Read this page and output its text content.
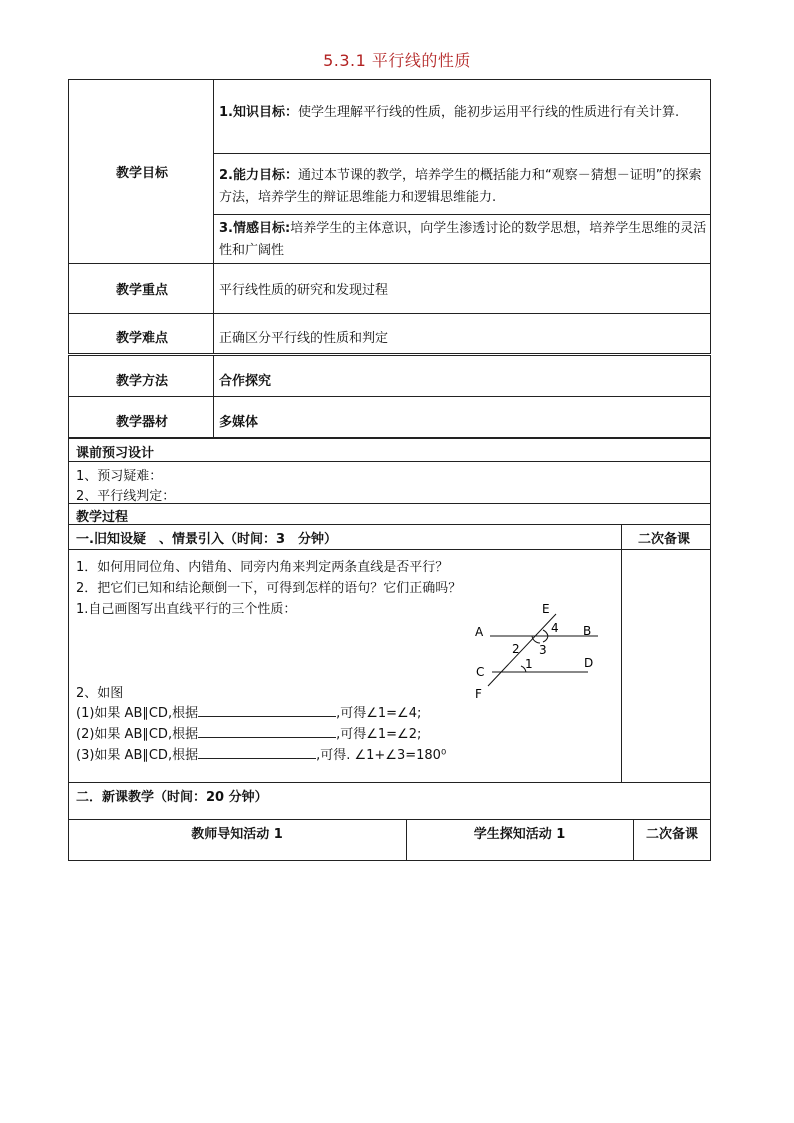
5.3.1 平行线的性质
教学目标
1.知识目标：使学生理解平行线的性质，能初步运用平行线的性质进行有关计算.
2.能力目标：通过本节课的教学，培养学生的概括能力和“观察－猜想－证明”的探索方法，培养学生的辩证思维能力和逻辑思维能力.
3.情感目标:培养学生的主体意识，向学生渗透讨论的数学思想，培养学生思维的灵活性和广阔性
教学重点	平行线性质的研究和发现过程
教学难点	正确区分平行线的性质和判定
教学方法	合作探究
教学器材	多媒体
课前预习设计
1、预习疑难：
2、平行线判定：
教学过程
一.旧知设疑　、情景引入（时间：3　分钟）	二次备课
1．如何用同位角、内错角、同旁内角来判定两条直线是否平行？
2．把它们已知和结论颠倒一下，可得到怎样的语句？它们正确吗？
1.自己画图写出直线平行的三个性质：
2、如图
(1)如果 AB∥CD,根据	,可得∠1=∠4;
(2)如果 AB∥CD,根据	,可得∠1=∠2;
(3)如果 AB∥CD,根据	,可得. ∠1+∠3=180⁰
E
A	B
C
D
F
4
2 3
1
二．新课教学（时间：20 分钟）
教师导知活动 1	学生探知活动 1	二次备课
